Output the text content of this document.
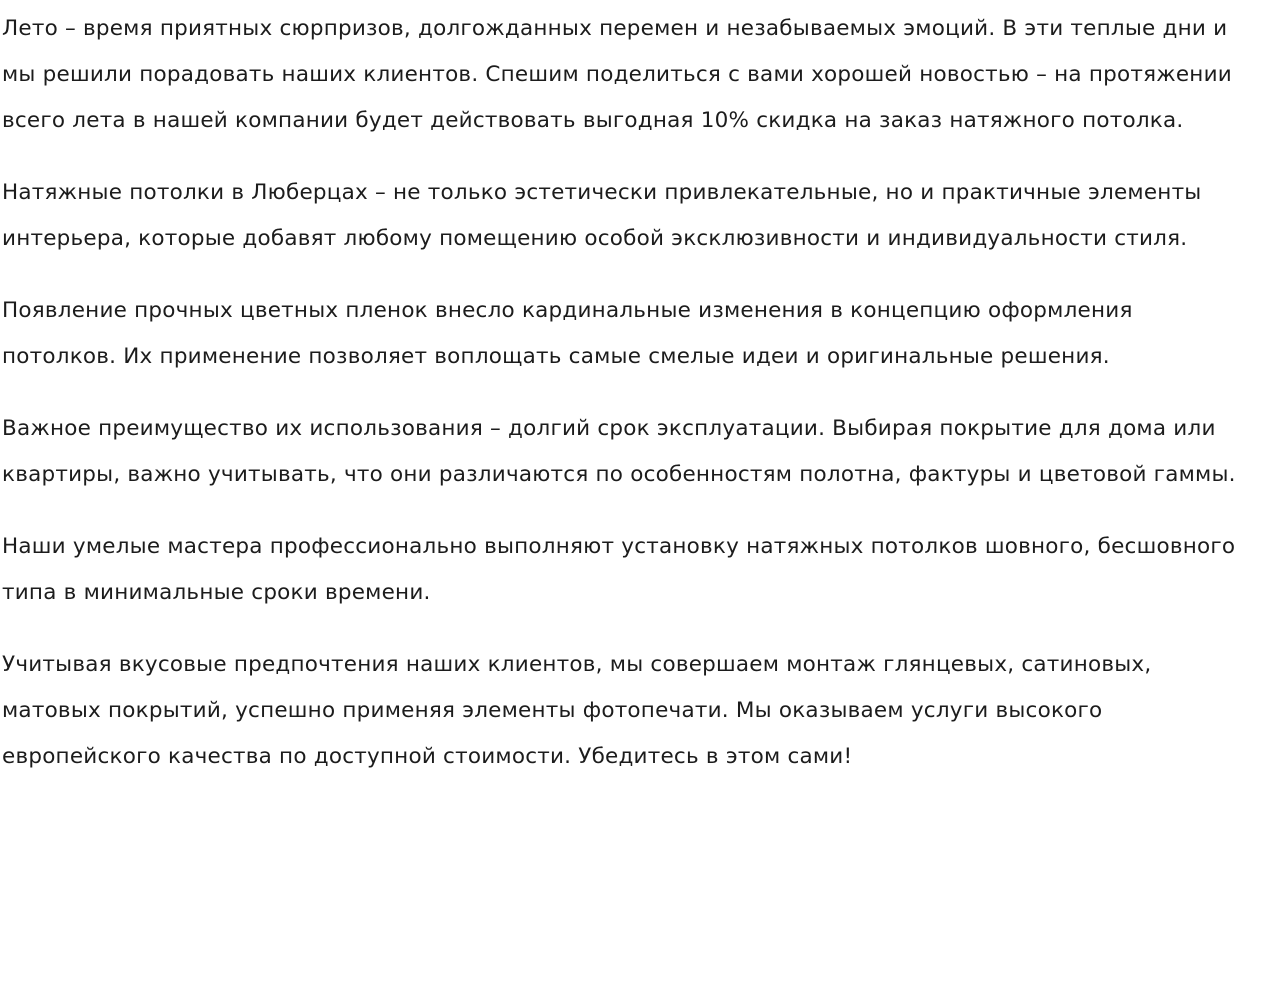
Лето – время приятных сюрпризов, долгожданных перемен и незабываемых эмоций. В эти теплые дни и мы решили порадовать наших клиентов. Спешим поделиться с вами хорошей новостью – на протяжении всего лета в нашей компании будет действовать выгодная 10% скидка на заказ натяжного потолка.

Натяжные потолки в Люберцах – не только эстетически привлекательные, но и практичные элементы интерьера, которые добавят любому помещению особой эксклюзивности и индивидуальности стиля.

Появление прочных цветных пленок внесло кардинальные изменения в концепцию оформления потолков. Их применение позволяет воплощать самые смелые идеи и оригинальные решения.

Важное преимущество их использования – долгий срок эксплуатации. Выбирая покрытие для дома или квартиры, важно учитывать, что они различаются по особенностям полотна, фактуры и цветовой гаммы.

Наши умелые мастера профессионально выполняют установку натяжных потолков шовного, бесшовного типа в минимальные сроки времени.

Учитывая вкусовые предпочтения наших клиентов, мы совершаем монтаж глянцевых, сатиновых, матовых покрытий, успешно применяя элементы фотопечати. Мы оказываем услуги высокого европейского качества по доступной стоимости. Убедитесь в этом сами!
